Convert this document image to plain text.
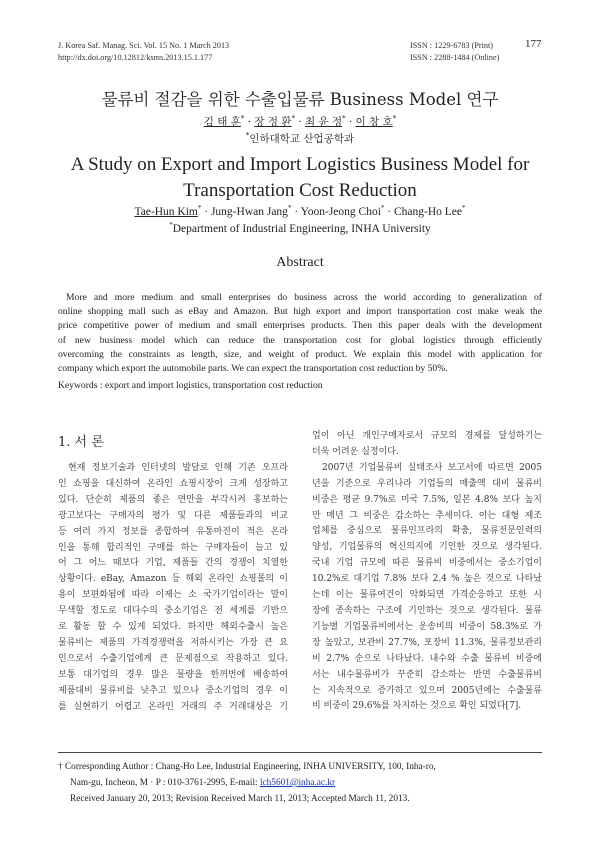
J. Korea Saf. Manag. Sci. Vol. 15 No. 1 March 2013
http://dx.doi.org/10.12812/ksms.2013.15.1.177
ISSN : 1229-6783 (Print)
ISSN : 2288-1484 (Online)
177
물류비 절감을 위한 수출입물류 Business Model 연구
김 태 훈* · 장 정 환* · 최 윤 정* · 이 창 호*
*인하대학교 산업공학과
A Study on Export and Import Logistics Business Model for
Transportation Cost Reduction
Tae-Hun Kim* · Jung-Hwan Jang* · Yoon-Jeong Choi* · Chang-Ho Lee*
*Department of Industrial Engineering, INHA University
Abstract
More and more medium and small enterprises do business across the world according to generalization of
online shopping mall such as eBay and Amazon. But high export and import transportation cost make weak the
price competitive power of medium and small enterprises products. Then this paper deals with the development
of new business model which can reduce the transportation cost for global logistics through efficiently
overcoming the constraints as length, size, and weight of product. We explain this model with application for
company which export the automobile parts. We can expect the transportation cost reduction by 50%.
Keywords : export and import logistics, transportation cost reduction
1. 서 론
현재 정보기술과 인터넷의 발달로 인해 기존 오프라
인 쇼핑을 대신하여 온라인 쇼핑시장이 크게 성장하고
있다. 단순히 제품의 좋은 면만을 부각시켜 홍보하는
광고보다는 구매자의 평가 및 다른 제품들과의 비교
등 여러 가지 정보를 종합하여 유통마진이 적은 온라
인을 통해 합리적인 구매를 하는 구매자들이 늘고 있
어 그 어느 때보다 기업, 제품들 간의 경쟁이 치열한
상황이다. eBay, Amazon 등 해외 온라인 쇼핑몰의 이
용이 보편화됨에 따라 이제는 소 국가기업이라는 말이
무색할 정도로 대다수의 중소기업은 전 세계를 기반으
로 활동 할 수 있게 되었다. 하지만 해외수출시 높은
물류비는 제품의 가격경쟁력을 저하시키는 가장 큰 요
인으로서 수출기업에게 큰 문제점으로 작용하고 있다.
보통 대기업의 경우 많은 물량을 한꺼번에 배송하여
제품대비 물류비를 낮추고 있으나 중소기업의 경우 이
를 실현하기 어렵고 온라인 거래의 주 거래대상은 기
업이 아닌 개인구매자로서 규모의 경제를 달성하기는
더욱 어려운 실정이다.
2007년 기업물류비 실태조사 보고서에 따르면 2005
년을 기준으로 우리나라 기업들의 매출액 대비 물류비
비중은 평균 9.7%로 미국 7.5%, 일본 4.8% 보다 높지
만 매년 그 비중은 감소하는 추세이다. 이는 대형 제조
업체를 중심으로 물류인프라의 확충, 물류전문인력의
양성, 기업물류의 혁신의지에 기인한 것으로 생각된다.
국내 기업 규모에 따른 물류비 비중에서는 중소기업이
10.2%로 대기업 7.8% 보다 2.4 % 높은 것으로 나타났
는데 이는 물류여건이 악화되면 가격순응하고 또한 시
장에 종속하는 구조에 기인하는 것으로 생각된다. 물류
기능별 기업물류비에서는 운송비의 비중이 58.3%로 가
장 높았고, 보관비 27.7%, 포장비 11.3%, 물류정보관리
비 2.7% 순으로 나타났다. 내수와 수출 물류비 비중에
서는 내수물류비가 꾸준히 감소하는 반면 수출물류비
는 지속적으로 증가하고 있으며 2005년에는 수출물류
비 비중이 29.6%를 차지하는 것으로 확인 되었다[7].
† Corresponding Author : Chang-Ho Lee, Industrial Engineering, INHA UNIVERSITY, 100, Inha-ro,
Nam-gu, Incheon, M · P : 010-3761-2995, E-mail: lch5601@inha.ac.kr
Received January 20, 2013; Revision Received March 11, 2013; Accepted March 11, 2013.
